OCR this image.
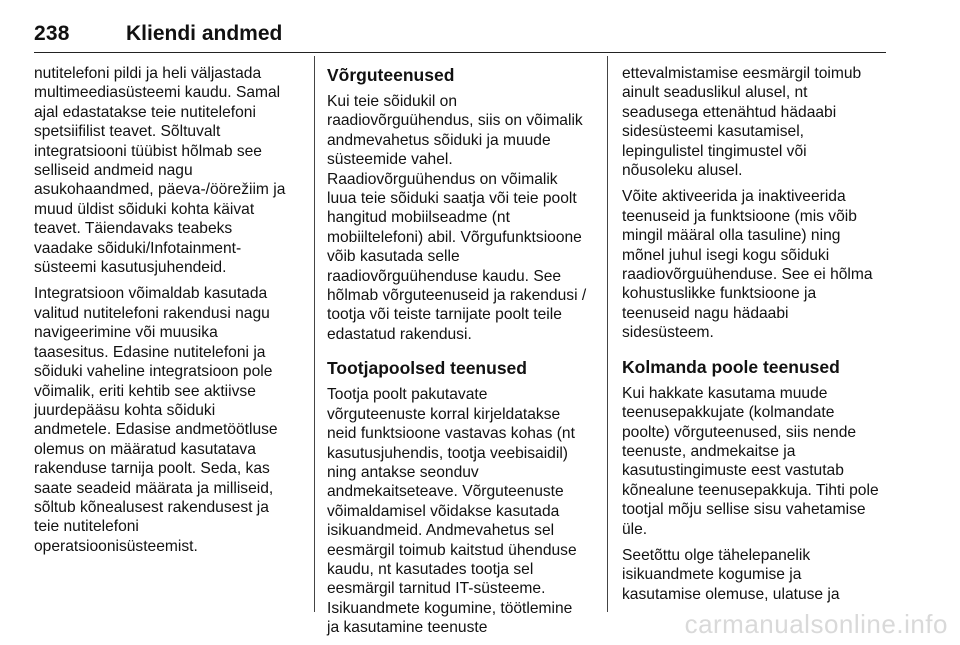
238	Kliendi andmed
nutitelefoni pildi ja heli väljastada
multimeediasüsteemi kaudu. Samal
ajal edastatakse teie nutitelefoni
spetsiifilist teavet. Sõltuvalt
integratsiooni tüübist hõlmab see
selliseid andmeid nagu
asukohaandmed, päeva-/öörežiim ja
muud üldist sõiduki kohta käivat
teavet. Täiendavaks teabeks
vaadake sõiduki/Infotainment-
süsteemi kasutusjuhendeid.
Integratsioon võimaldab kasutada
valitud nutitelefoni rakendusi nagu
navigeerimine või muusika
taasesitus. Edasine nutitelefoni ja
sõiduki vaheline integratsioon pole
võimalik, eriti kehtib see aktiivse
juurdepääsu kohta sõiduki
andmetele. Edasise andmetöötluse
olemus on määratud kasutatava
rakenduse tarnija poolt. Seda, kas
saate seadeid määrata ja milliseid,
sõltub kõnealusest rakendusest ja
teie nutitelefoni
operatsioonisüsteemist.
Võrguteenused
Kui teie sõidukil on
raadiovõrguühendus, siis on võimalik
andmevahetus sõiduki ja muude
süsteemide vahel.
Raadiovõrguühendus on võimalik
luua teie sõiduki saatja või teie poolt
hangitud mobiilseadme (nt
mobiiltelefoni) abil. Võrgufunktsioone
võib kasutada selle
raadiovõrguühenduse kaudu. See
hõlmab võrguteenuseid ja rakendusi /
tootja või teiste tarnijate poolt teile
edastatud rakendusi.
Tootjapoolsed teenused
Tootja poolt pakutavate
võrguteenuste korral kirjeldatakse
neid funktsioone vastavas kohas (nt
kasutusjuhendis, tootja veebisaidil)
ning antakse seonduv
andmekaitseteave. Võrguteenuste
võimaldamisel võidakse kasutada
isikuandmeid. Andmevahetus sel
eesmärgil toimub kaitstud ühenduse
kaudu, nt kasutades tootja sel
eesmärgil tarnitud IT-süsteeme.
Isikuandmete kogumine, töötlemine
ja kasutamine teenuste
ettevalmistamise eesmärgil toimub
ainult seaduslikul alusel, nt
seadusega ettenähtud hädaabi
sidesüsteemi kasutamisel,
lepingulistel tingimustel või
nõusoleku alusel.
Võite aktiveerida ja inaktiveerida
teenuseid ja funktsioone (mis võib
mingil määral olla tasuline) ning
mõnel juhul isegi kogu sõiduki
raadiovõrguühenduse. See ei hõlma
kohustuslikke funktsioone ja
teenuseid nagu hädaabi
sidesüsteem.
Kolmanda poole teenused
Kui hakkate kasutama muude
teenusepakkujate (kolmandate
poolte) võrguteenused, siis nende
teenuste, andmekaitse ja
kasutustingimuste eest vastutab
kõnealune teenusepakkuja. Tihti pole
tootjal mõju sellise sisu vahetamise
üle.
Seetõttu olge tähelepanelik
isikuandmete kogumise ja
kasutamise olemuse, ulatuse ja
carmanualsonline.info
